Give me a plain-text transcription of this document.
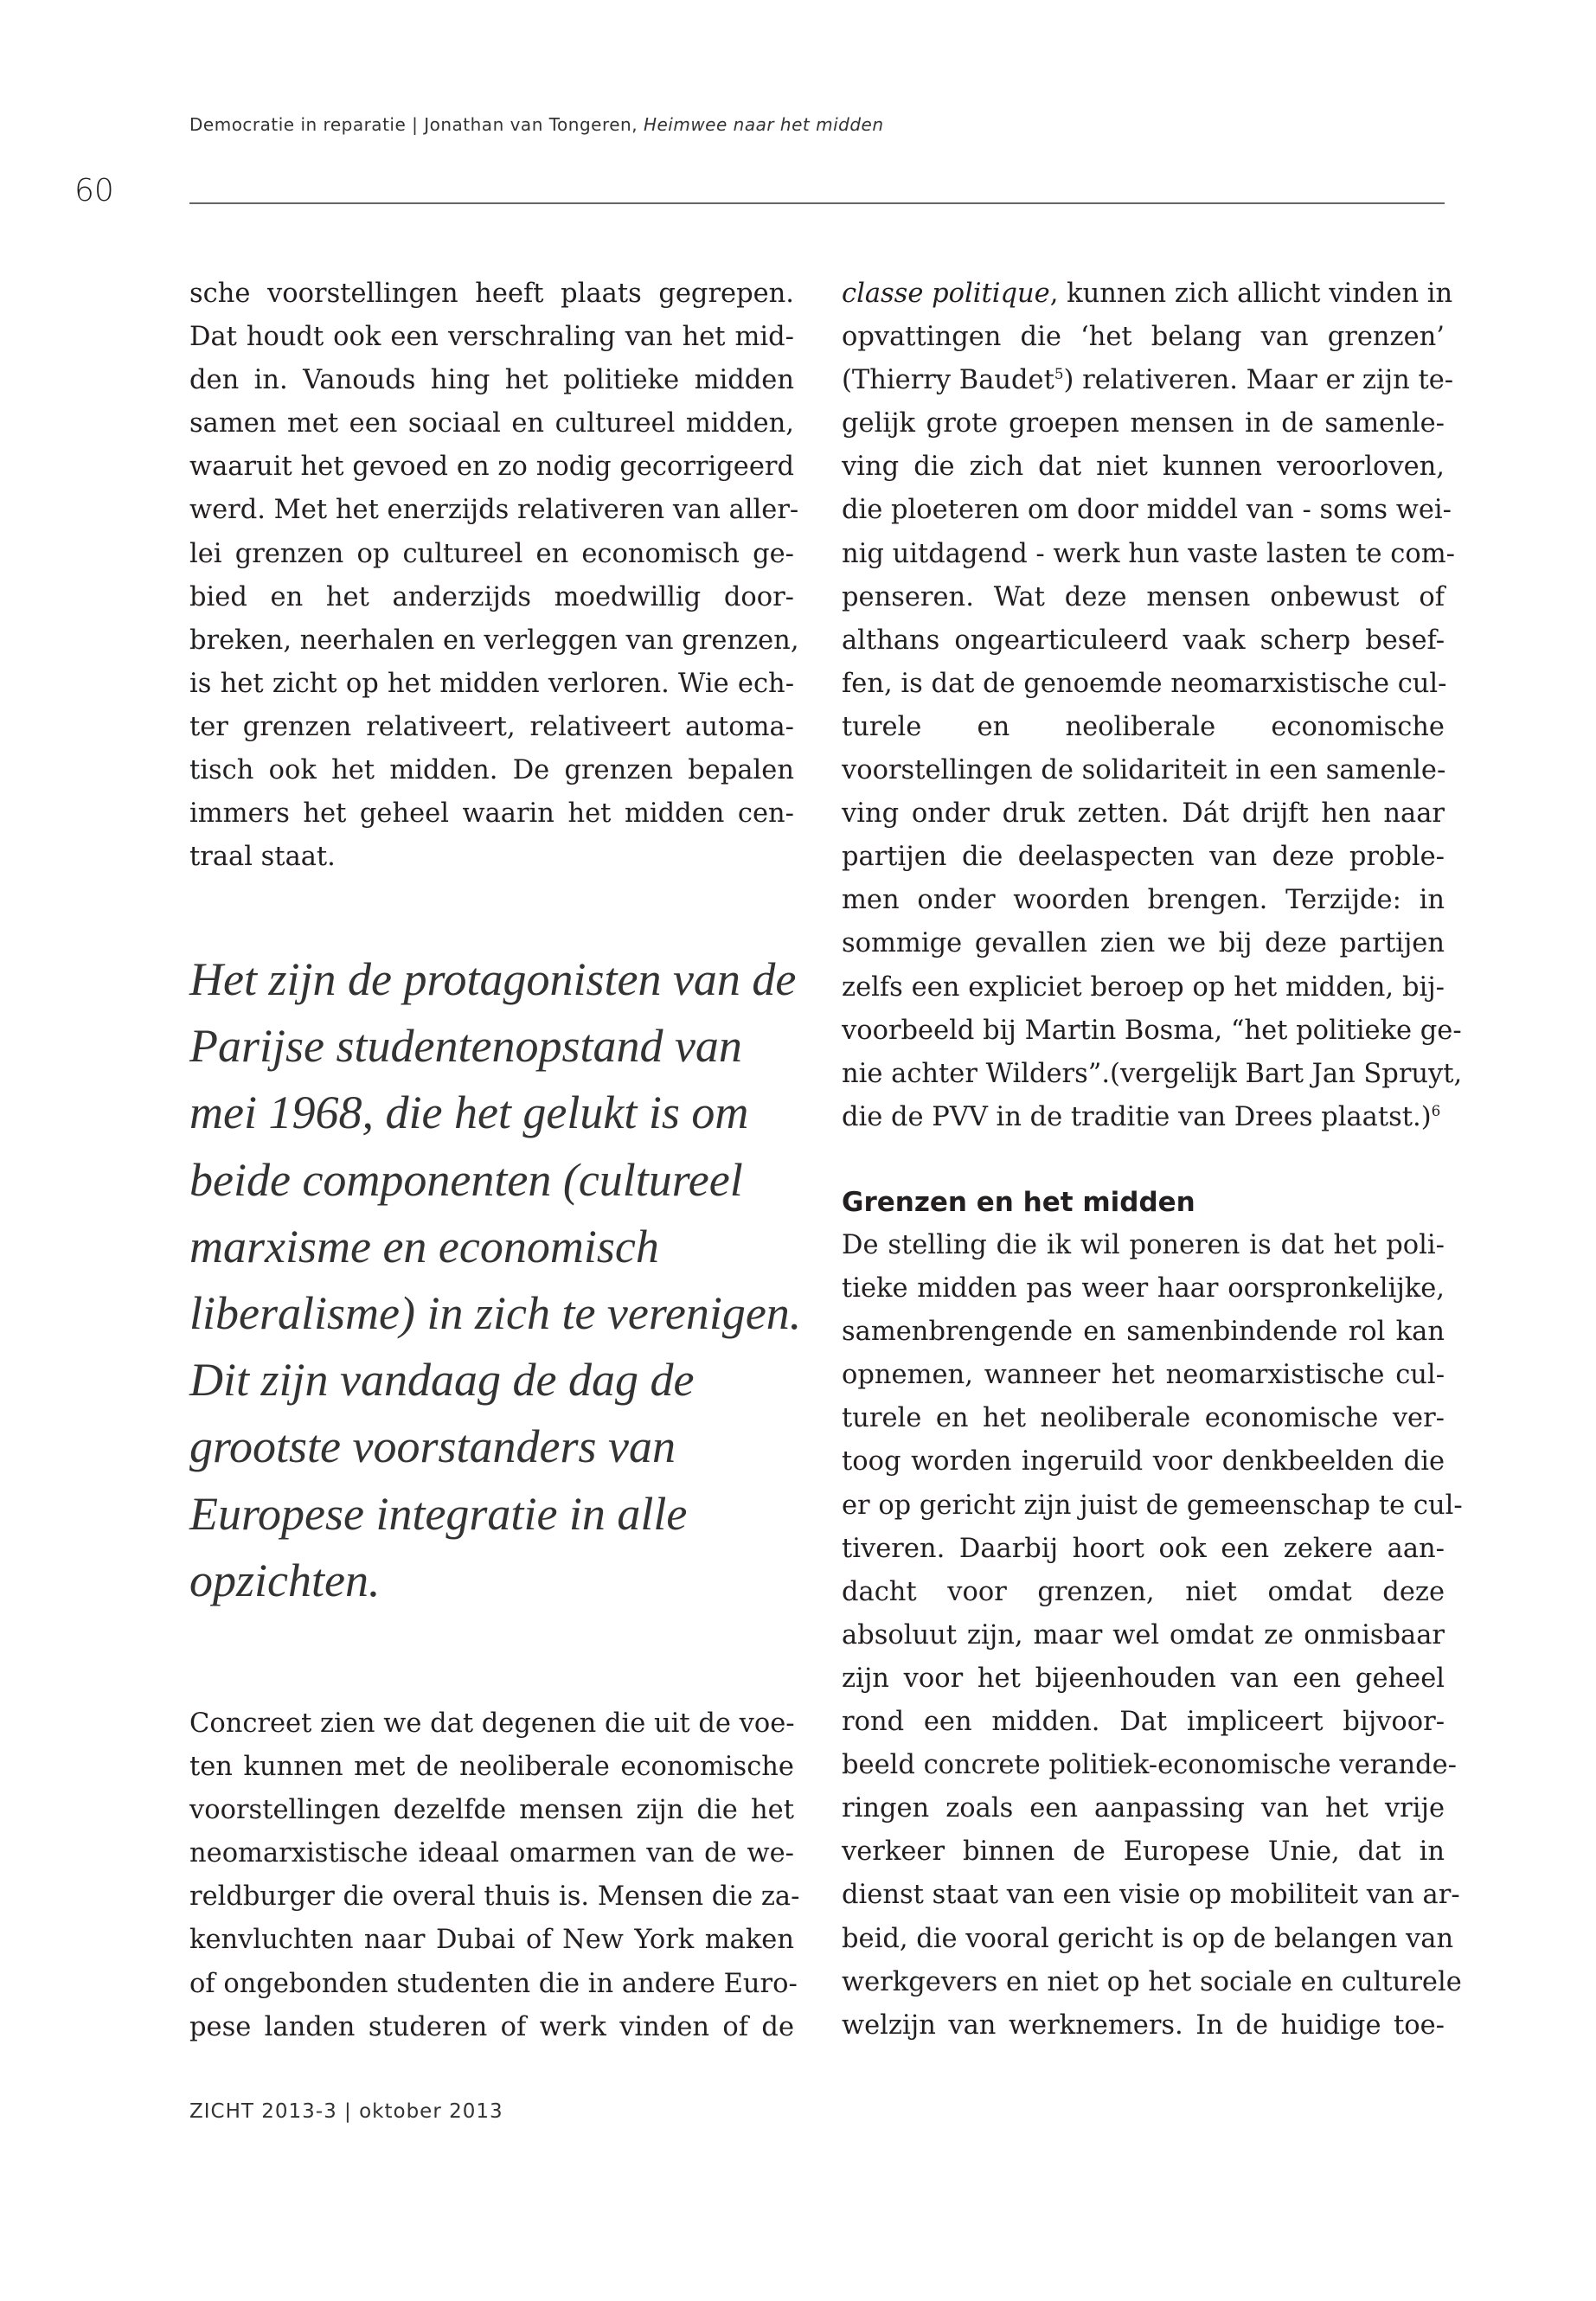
Democratie in reparatie | Jonathan van Tongeren, Heimwee naar het midden
60
sche voorstellingen heeft plaats gegrepen.
Dat houdt ook een verschraling van het mid-
den in. Vanouds hing het politieke midden
samen met een sociaal en cultureel midden,
waaruit het gevoed en zo nodig gecorrigeerd
werd. Met het enerzijds relativeren van aller-
lei grenzen op cultureel en economisch ge-
bied en het anderzijds moedwillig door-
breken, neerhalen en verleggen van grenzen,
is het zicht op het midden verloren. Wie ech-
ter grenzen relativeert, relativeert automa-
tisch ook het midden. De grenzen bepalen
immers het geheel waarin het midden cen-
traal staat.
Het zijn de protagonisten van de
Parijse studentenopstand van
mei 1968, die het gelukt is om
beide componenten (cultureel
marxisme en economisch
liberalisme) in zich te verenigen.
Dit zijn vandaag de dag de
grootste voorstanders van
Europese integratie in alle
opzichten.
Concreet zien we dat degenen die uit de voe-
ten kunnen met de neoliberale economische
voorstellingen dezelfde mensen zijn die het
neomarxistische ideaal omarmen van de we-
reldburger die overal thuis is. Mensen die za-
kenvluchten naar Dubai of New York maken
of ongebonden studenten die in andere Euro-
pese landen studeren of werk vinden of de
classe politique, kunnen zich allicht vinden in
opvattingen die ‘het belang van grenzen’
(Thierry Baudet$^5$) relativeren. Maar er zijn te-
gelijk grote groepen mensen in de samenle-
ving die zich dat niet kunnen veroorloven,
die ploeteren om door middel van - soms wei-
nig uitdagend - werk hun vaste lasten te com-
penseren. Wat deze mensen onbewust of
althans ongearticuleerd vaak scherp besef-
fen, is dat de genoemde neomarxistische cul-
turele en neoliberale economische
voorstellingen de solidariteit in een samenle-
ving onder druk zetten. Dát drijft hen naar
partijen die deelaspecten van deze proble-
men onder woorden brengen. Terzijde: in
sommige gevallen zien we bij deze partijen
zelfs een expliciet beroep op het midden, bij-
voorbeeld bij Martin Bosma, “het politieke ge-
nie achter Wilders”.(vergelijk Bart Jan Spruyt,
die de PVV in de traditie van Drees plaatst.)$^6$
Grenzen en het midden
De stelling die ik wil poneren is dat het poli-
tieke midden pas weer haar oorspronkelijke,
samenbrengende en samenbindende rol kan
opnemen, wanneer het neomarxistische cul-
turele en het neoliberale economische ver-
toog worden ingeruild voor denkbeelden die
er op gericht zijn juist de gemeenschap te cul-
tiveren. Daarbij hoort ook een zekere aan-
dacht voor grenzen, niet omdat deze
absoluut zijn, maar wel omdat ze onmisbaar
zijn voor het bijeenhouden van een geheel
rond een midden. Dat impliceert bijvoor-
beeld concrete politiek-economische verande-
ringen zoals een aanpassing van het vrije
verkeer binnen de Europese Unie, dat in
dienst staat van een visie op mobiliteit van ar-
beid, die vooral gericht is op de belangen van
werkgevers en niet op het sociale en culturele
welzijn van werknemers. In de huidige toe-
ZICHT 2013-3 | oktober 2013
